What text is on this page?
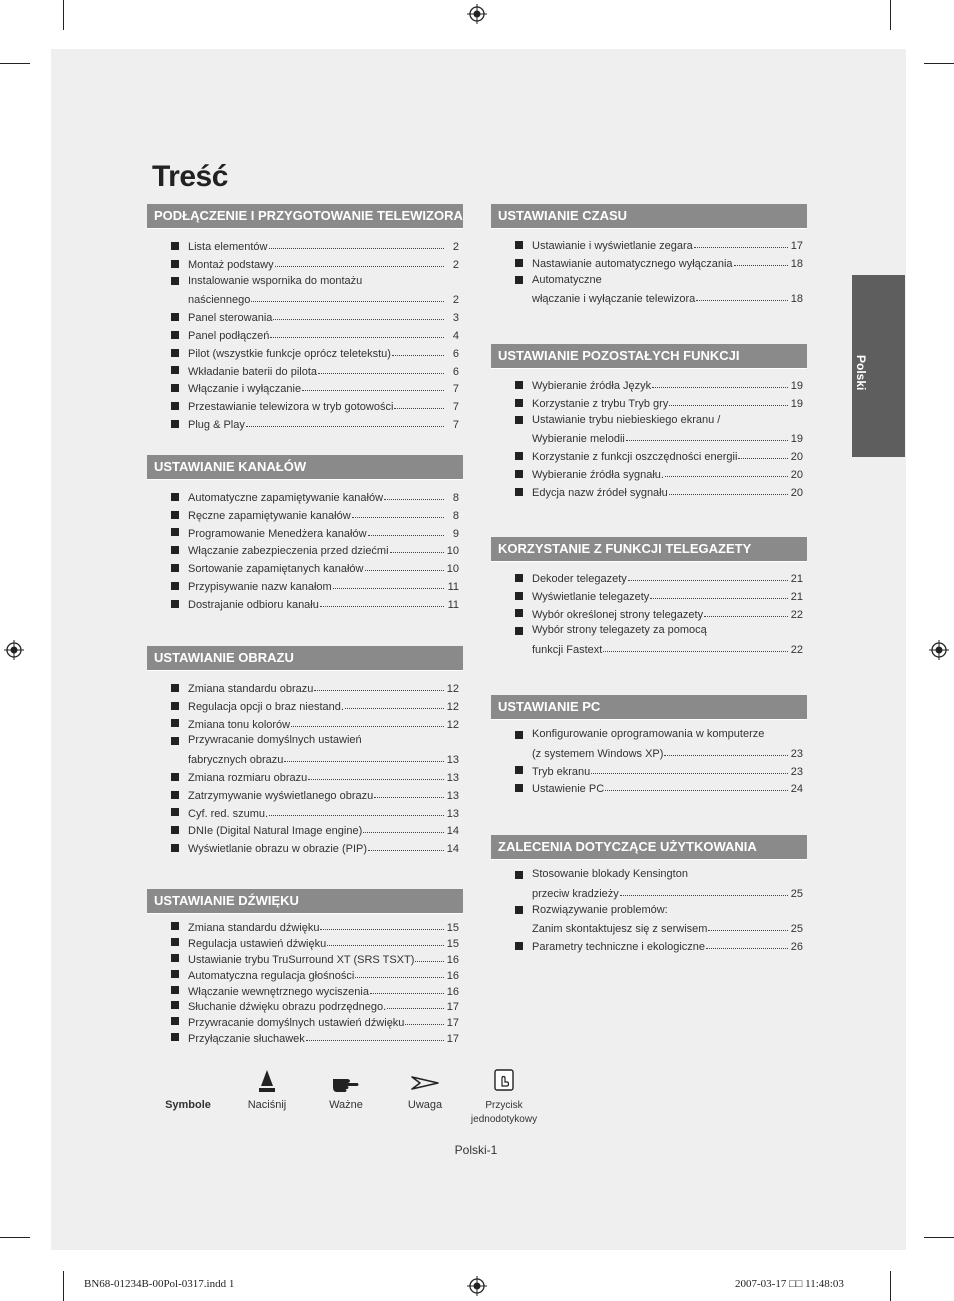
Treść
Polski
PODŁĄCZENIE I PRZYGOTOWANIE TELEWIZORA
Lista elementów	2
Montaż podstawy	2
Instalowanie wspornika do montażu
naściennego	2
Panel sterowania	3
Panel podłączeń	4
Pilot (wszystkie funkcje oprócz teletekstu)	6
Wkładanie baterii do pilota	6
Włączanie i wyłączanie	7
Przestawianie telewizora w tryb gotowości	7
Plug & Play	7
USTAWIANIE KANAŁÓW
Automatyczne zapamiętywanie kanałów	8
Ręczne zapamiętywanie kanałów	8
Programowanie Menedżera kanałów	9
Włączanie zabezpieczenia przed dziećmi	10
Sortowanie zapamiętanych kanałów	10
Przypisywanie nazw kanałom	11
Dostrajanie odbioru kanału	11
USTAWIANIE OBRAZU
Zmiana standardu obrazu	12
Regulacja opcji o braz niestand.	12
Zmiana tonu kolorów	12
Przywracanie domyślnych ustawień
fabrycznych obrazu	13
Zmiana rozmiaru obrazu	13
Zatrzymywanie wyświetlanego obrazu	13
Cyf. red. szumu.	13
DNIe (Digital Natural Image engine)	14
Wyświetlanie obrazu w obrazie (PIP)	14
USTAWIANIE DŹWIĘKU
Zmiana standardu dźwięku	15
Regulacja ustawień dźwięku	15
Ustawianie trybu TruSurround XT (SRS TSXT)	16
Automatyczna regulacja głośności	16
Włączanie wewnętrznego wyciszenia	16
Słuchanie dźwięku obrazu podrzędnego.	17
Przywracanie domyślnych ustawień dźwięku	17
Przyłączanie słuchawek	17
USTAWIANIE CZASU
Ustawianie i wyświetlanie zegara	17
Nastawianie automatycznego wyłączania	18
Automatyczne
włączanie i wyłączanie telewizora	18
USTAWIANIE POZOSTAŁYCH FUNKCJI
Wybieranie źródła Język	19
Korzystanie z trybu Tryb gry	19
Ustawianie trybu niebieskiego ekranu /
Wybieranie melodii	19
Korzystanie z funkcji oszczędności energii	20
Wybieranie źródła sygnału.	20
Edycja nazw źródeł sygnału	20
KORZYSTANIE Z FUNKCJI TELEGAZETY
Dekoder telegazety	21
Wyświetlanie telegazety	21
Wybór określonej strony telegazety	22
Wybór strony telegazety za pomocą
funkcji Fastext	22
USTAWIANIE PC
Konfigurowanie oprogramowania w komputerze
(z systemem Windows XP)	23
Tryb ekranu	23
Ustawienie PC	24
ZALECENIA DOTYCZĄCE UŻYTKOWANIA
Stosowanie blokady Kensington
przeciw kradzieży	25
Rozwiązywanie problemów:
Zanim skontaktujesz się z serwisem	25
Parametry techniczne i ekologiczne	26
Symbole	Naciśnij	Ważne	Uwaga	Przycisk
jednodotykowy
Polski-1
BN68-01234B-00Pol-0317.indd 1	2007-03-17 □□ 11:48:03
